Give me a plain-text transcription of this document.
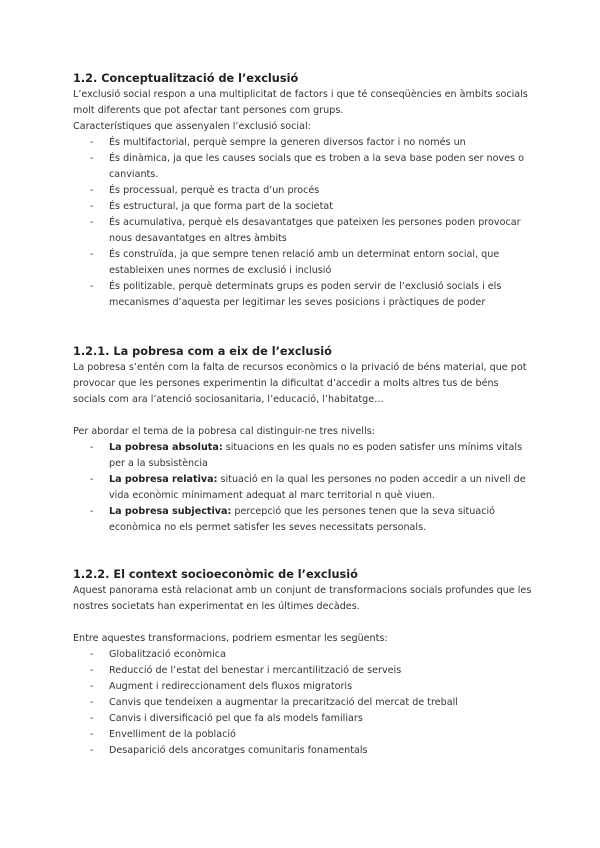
1.2. Conceptualització de l’exclusió

L’exclusió social respon a una multiplicitat de factors i que té conseqüències en àmbits socials molt diferents que pot afectar tant persones com grups.

Característiques que assenyalen l’exclusió social:

- És multifactorial, perquè sempre la generen diversos factor i no només un
- És dinàmica, ja que les causes socials que es troben a la seva base poden ser noves o canviants.
- És processual, perquè es tracta d’un procés
- És estructural, ja que forma part de la societat
- És acumulativa, perquè els desavantatges que pateixen les persones poden provocar nous desavantatges en altres àmbits
- És construïda, ja que sempre tenen relació amb un determinat entorn social, que estableixen unes normes de exclusió i inclusió
- És politizable, perquè determinats grups es poden servir de l’exclusió socials i els mecanismes d’aquesta per legitimar les seves posicions i pràctiques de poder

1.2.1. La pobresa com a eix de l’exclusió

La pobresa s’entén com la falta de recursos econòmics o la privació de béns material, que pot provocar que les persones experimentin la dificultat d’accedir a molts altres tus de béns socials com ara l’atenció sociosanitaria, l’educació, l’habitatge…

Per abordar el tema de la pobresa cal distinguir-ne tres nivells:

- La pobresa absoluta: situacions en les quals no es poden satisfer uns mínims vitals per a la subsistència
- La pobresa relativa: situació en la qual les persones no poden accedir a un nivell de vida econòmic mínimament adequat al marc territorial n què viuen.
- La pobresa subjectiva: percepció que les persones tenen que la seva situació econòmica no els permet satisfer les seves necessitats personals.

1.2.2. El context socioeconòmic de l’exclusió

Aquest panorama està relacionat amb un conjunt de transformacions socials profundes que les nostres societats han experimentat en les últimes decàdes.

Entre aquestes transformacions, podriem esmentar les següents:

- Globalització econòmica
- Reducció de l’estat del benestar i mercantilització de serveis
- Augment i redireccionament dels fluxos migratoris
- Canvis que tendeixen a augmentar la precarització del mercat de treball
- Canvis i diversificació pel que fa als models familiars
- Envelliment de la població
- Desaparició dels ancoratges comunitaris fonamentals
